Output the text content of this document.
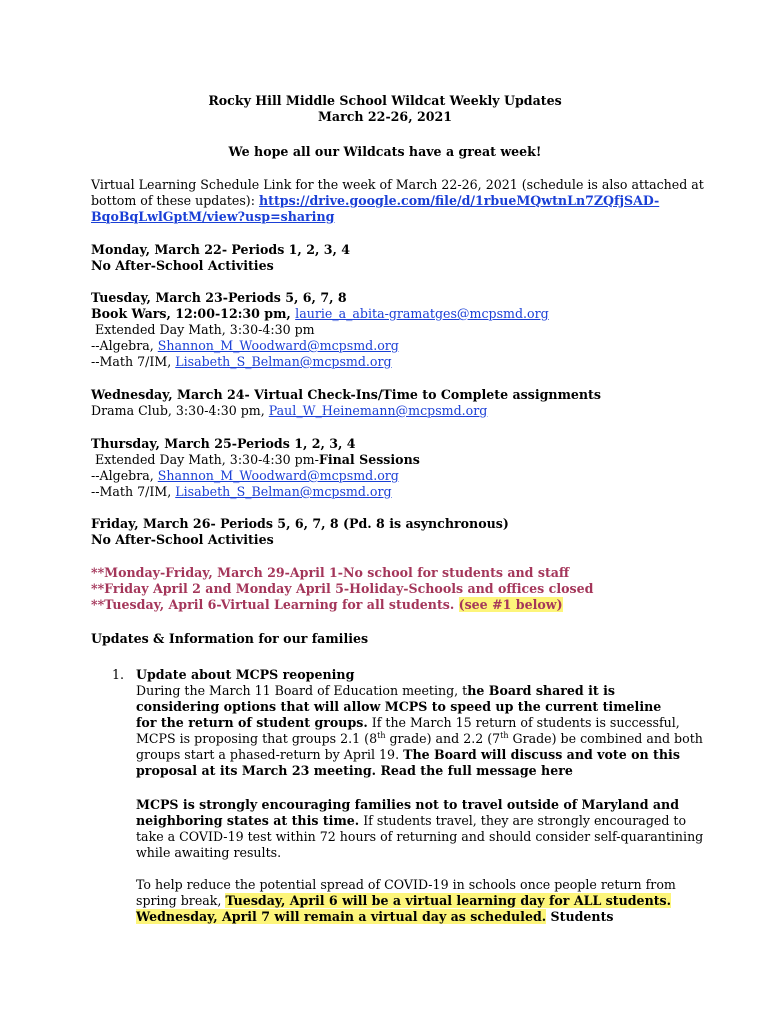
Rocky Hill Middle School Wildcat Weekly Updates
March 22-26, 2021
We hope all our Wildcats have a great week!
Virtual Learning Schedule Link for the week of March 22-26, 2021 (schedule is also attached at
bottom of these updates): https://drive.google.com/file/d/1rbueMQwtnLn7ZQfjSAD-
BqoBqLwlGptM/view?usp=sharing
Monday, March 22- Periods 1, 2, 3, 4
No After-School Activities
Tuesday, March 23-Periods 5, 6, 7, 8
Book Wars, 12:00-12:30 pm, laurie_a_abita-gramatges@mcpsmd.org
Extended Day Math, 3:30-4:30 pm
--Algebra, Shannon_M_Woodward@mcpsmd.org
--Math 7/IM, Lisabeth_S_Belman@mcpsmd.org
Wednesday, March 24- Virtual Check-Ins/Time to Complete assignments
Drama Club, 3:30-4:30 pm, Paul_W_Heinemann@mcpsmd.org
Thursday, March 25-Periods 1, 2, 3, 4
Extended Day Math, 3:30-4:30 pm-Final Sessions
--Algebra, Shannon_M_Woodward@mcpsmd.org
--Math 7/IM, Lisabeth_S_Belman@mcpsmd.org
Friday, March 26- Periods 5, 6, 7, 8 (Pd. 8 is asynchronous)
No After-School Activities
**Monday-Friday, March 29-April 1-No school for students and staff
**Friday April 2 and Monday April 5-Holiday-Schools and offices closed
**Tuesday, April 6-Virtual Learning for all students. (see #1 below)
Updates & Information for our families
1. Update about MCPS reopening
During the March 11 Board of Education meeting, the Board shared it is
considering options that will allow MCPS to speed up the current timeline
for the return of student groups. If the March 15 return of students is successful,
MCPS is proposing that groups 2.1 (8th grade) and 2.2 (7th Grade) be combined and both
groups start a phased-return by April 19. The Board will discuss and vote on this
proposal at its March 23 meeting. Read the full message here
MCPS is strongly encouraging families not to travel outside of Maryland and
neighboring states at this time. If students travel, they are strongly encouraged to
take a COVID-19 test within 72 hours of returning and should consider self-quarantining
while awaiting results.
To help reduce the potential spread of COVID-19 in schools once people return from
spring break, Tuesday, April 6 will be a virtual learning day for ALL students.
Wednesday, April 7 will remain a virtual day as scheduled. Students
